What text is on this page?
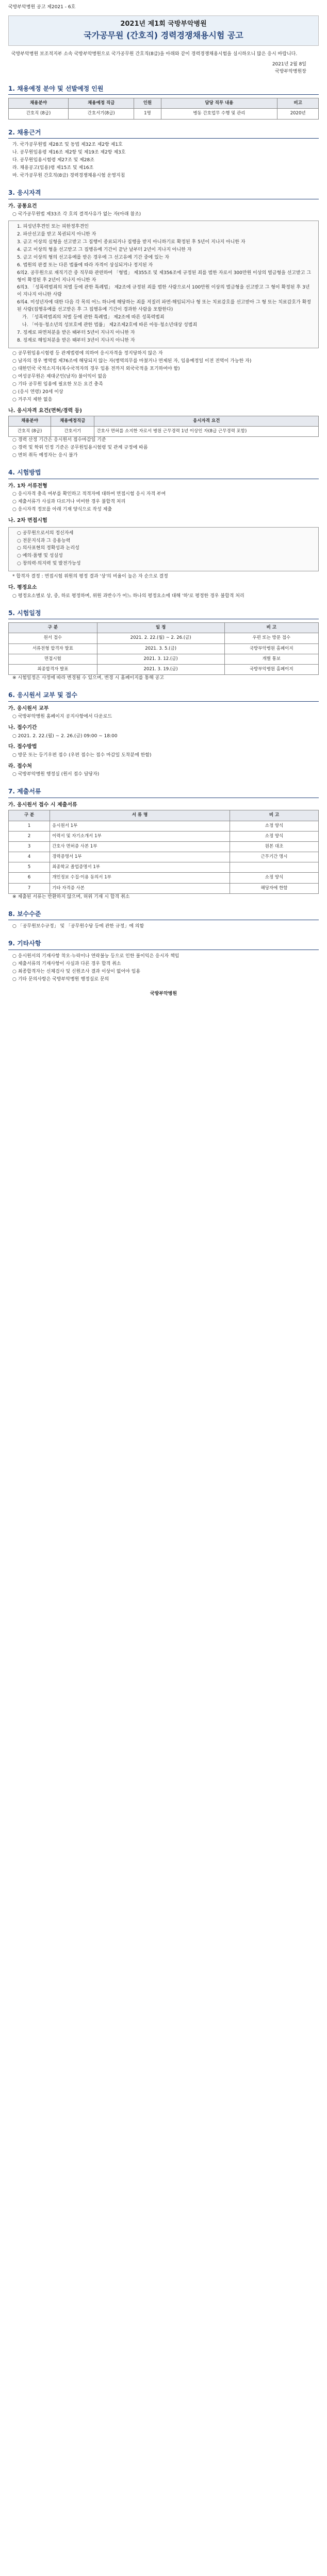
국방부악병원 공고 제2021 - 6호
2021년 제1회 국방부악병원
국가공무원 (간호직) 경력경쟁채용시험 공고
국방부악병원 보조적지부 소속 국방부악병원으로 국가공무원 간호직(8급)을 아래와 같이 경력경쟁채용시험을 실시하오니 많은 응시 바랍니다.
2021년 2월 8일
국방부악병원장
1. 채용예정 분야 및 선발예정 인원
채용분야	채용예정 직급	인원	담당 직무 내용	비고
간호직 (8급)	간호서기(8급)	1명	병동 간호업무 수행 및 관리	2020년
2. 채용근거

가. 국가공무원법 제28조 및 동법 제32조 제2항 제1호

나. 공무원임용령 제16조 제2항 및 제19조 제2항 제3호

다. 공무원임용시험령 제27조 및 제28조

라. 채용공고(임용)령 제15조 및 제16조

마. 국가공무원 간호직(8급) 경력경쟁채용시험 운영지침

3. 응시자격
가. 공통요건

○ 국가공무원법 제33조 각 호의 결격사유가 없는 자(아래 참조)

1. 피성년후견인 또는 피한정후견인

2. 파산선고를 받고 복권되지 아니한 자

3. 금고 이상의 실형을 선고받고 그 집행이 종료되거나 집행을 받지 아니하기로 확정된 후 5년이 지나지 아니한 자

4. 금고 이상의 형을 선고받고 그 집행유예 기간이 끝난 날부터 2년이 지나지 아니한 자

5. 금고 이상의 형의 선고유예를 받은 경우에 그 선고유예 기간 중에 있는 자

6. 법원의 판결 또는 다른 법률에 따라 자격이 상실되거나 정지된 자

6의2. 공무원으로 재직기간 중 직무와 관련하여 「형법」 제355조 및 제356조에 규정된 죄를 범한 자로서 300만원 이상의 벌금형을 선고받고 그 형이 확정된 후 2년이 지나지 아니한 자

6의3. 「성폭력범죄의 처벌 등에 관한 특례법」 제2조에 규정된 죄를 범한 사람으로서 100만원 이상의 벌금형을 선고받고 그 형이 확정된 후 3년이 지나지 아니한 사람

6의4. 미성년자에 대한 다음 각 목의 어느 하나에 해당하는 죄를 저질러 파면·해임되거나 형 또는 치료감호를 선고받아 그 형 또는 치료감호가 확정된 사람(집행유예를 선고받은 후 그 집행유예 기간이 경과한 사람을 포함한다)

가. 「성폭력범죄의 처벌 등에 관한 특례법」 제2조에 따른 성폭력범죄

나. 「아동·청소년의 성보호에 관한 법률」 제2조제2호에 따른 아동·청소년대상 성범죄

7. 징계로 파면처분을 받은 때부터 5년이 지나지 아니한 자

8. 징계로 해임처분을 받은 때부터 3년이 지나지 아니한 자

○ 공무원임용시험령 등 관계법령에 의하여 응시자격을 정지당하지 않은 자

○ 남자의 경우 병역법 제76조에 해당되지 않는 자(병역의무를 마쳤거나 면제된 자, 임용예정일 이전 전역이 가능한 자)

○ 대한민국 국적소지자(복수국적자의 경우 임용 전까지 외국국적을 포기하여야 함)

○ 여성공무원은 제대군인(남자) 불이익이 없음

○ 기타 공무원 임용에 필요한 모든 요건 충족

○ (응시 연령) 20세 이상

○ 거주지 제한 없음

나. 응시자격 요건(면허/경력 등)
채용분야	채용예정직급	응시자격 요건
간호직 (8급)	간호서기	간호사 면허를 소지한 자로서 병원 근무경력 1년 이상인 자(8급 근무경력 포함)

○ 경력 산정 기간은 응시원서 접수마감일 기준

○ 경력 및 학위 인정 기준은 공무원임용시험령 및 관계 규정에 따름

○ 면허 취득 예정자는 응시 불가

4. 시험방법
가. 1차 서류전형

○ 응시자격 충족 여부를 확인하고 적격자에 대하여 면접시험 응시 자격 부여

○ 제출서류가 사실과 다르거나 미비한 경우 불합격 처리

○ 응시자격 정보를 아래 기재 양식으로 작성 제출

나. 2차 면접시험

○ 공무원으로서의 정신자세

○ 전문지식과 그 응용능력

○ 의사표현의 정확성과 논리성

○ 예의·품행 및 성실성

○ 창의력·의지력 및 발전가능성

* 합격자 결정 : 면접시험 위원의 평정 결과 '상'의 비율이 높은 자 순으로 결정

다. 평정요소

○ 평정요소별로 상, 중, 하로 평정하며, 위원 과반수가 어느 하나의 평정요소에 대해 '하'로 평정한 경우 불합격 처리

5. 시험일정
구 분	일 정	비 고
원서 접수	2021. 2. 22.(월) ~ 2. 26.(금)	우편 또는 방문 접수
서류전형 합격자 발표	2021. 3. 5.(금)	국방부악병원 홈페이지
면접시험	2021. 3. 12.(금)	개별 통보
최종합격자 발표	2021. 3. 19.(금)	국방부악병원 홈페이지

※ 시험일정은 사정에 따라 변경될 수 있으며, 변경 시 홈페이지를 통해 공고

6. 응시원서 교부 및 접수
가. 응시원서 교부

○ 국방부악병원 홈페이지 공지사항에서 다운로드

나. 접수기간

○ 2021. 2. 22.(월) ~ 2. 26.(금) 09:00 ~ 18:00

다. 접수방법

○ 방문 또는 등기우편 접수 (우편 접수는 접수 마감일 도착분에 한함)

라. 접수처

○ 국방부악병원 행정실 (원서 접수 담당자)

7. 제출서류
가. 응시원서 접수 시 제출서류
구 분	서 류 명	비 고
1	응시원서 1부	소정 양식
2	이력서 및 자기소개서 1부	소정 양식
3	간호사 면허증 사본 1부	원본 대조
4	경력증명서 1부	근무기간 명시
5	최종학교 졸업증명서 1부	
6	개인정보 수집·이용 동의서 1부	소정 양식
7	기타 자격증 사본	해당자에 한함

※ 제출된 서류는 반환하지 않으며, 허위 기재 시 합격 취소

8. 보수수준

○ 「공무원보수규정」 및 「공무원수당 등에 관한 규정」에 의함

9. 기타사항

○ 응시원서의 기재사항 착오·누락이나 연락불능 등으로 인한 불이익은 응시자 책임

○ 제출서류의 기재사항이 사실과 다른 경우 합격 취소

○ 최종합격자는 신체검사 및 신원조사 결과 이상이 없어야 임용

○ 기타 문의사항은 국방부악병원 행정실로 문의

국방부악병원
